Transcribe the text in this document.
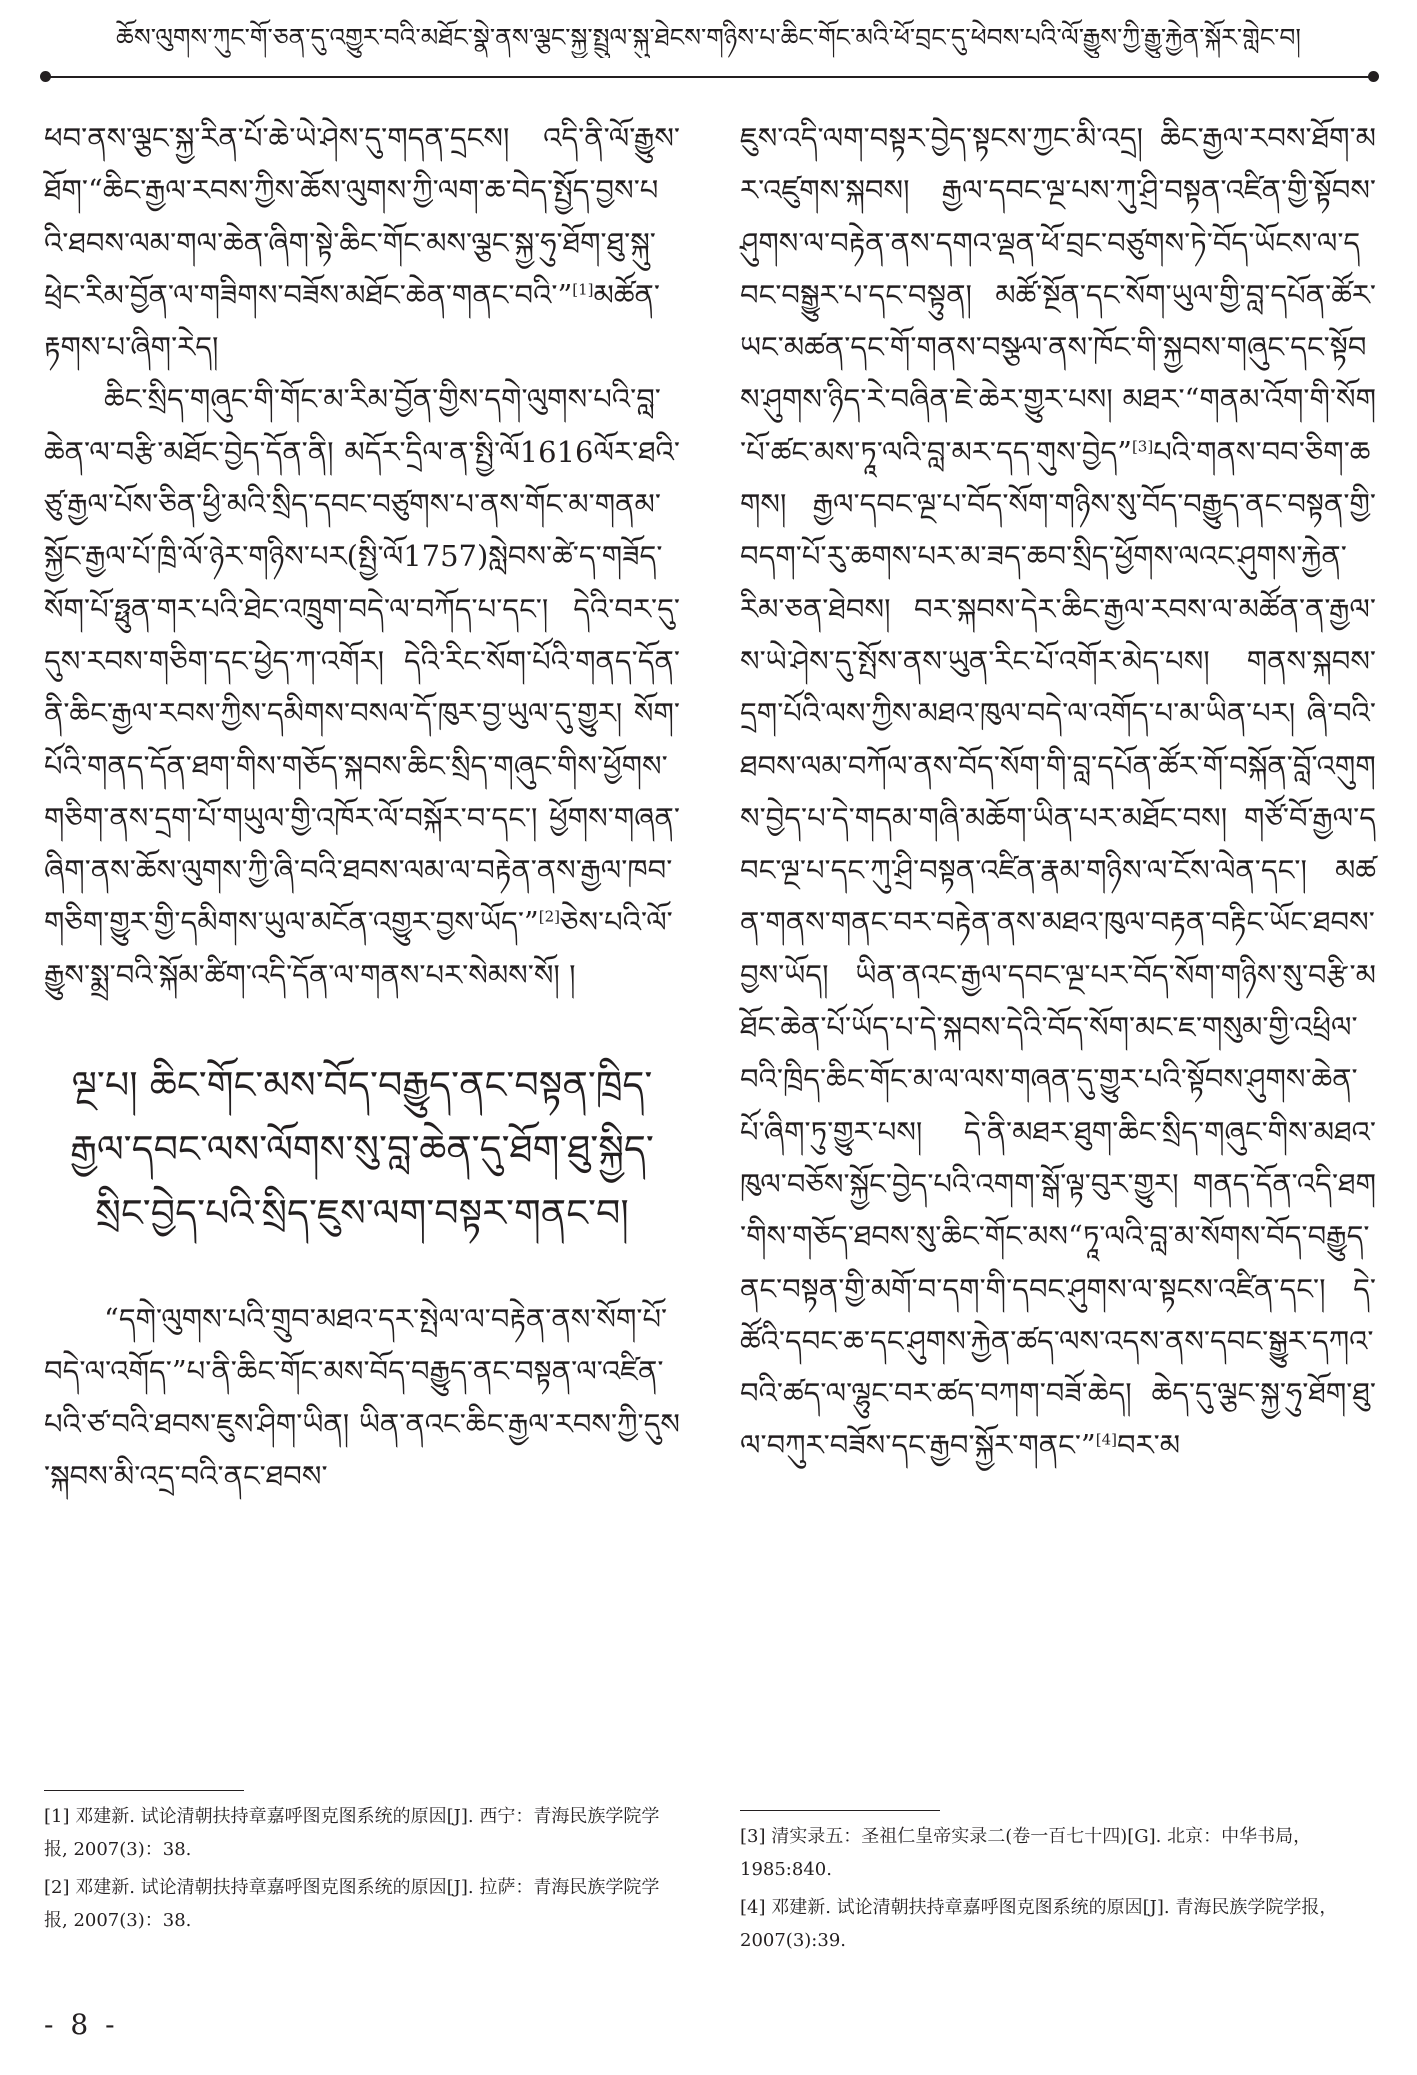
ཆོས་ལུགས་ཀུང་གོ་ཅན་དུ་འགྱུར་བའི་མཐོང་སྣེ་ནས་ལྕང་སྐྱ་སྤྲུལ་སྐུ་ཐེངས་གཉིས་པ་ཆིང་གོང་མའི་ཕོ་བྲང་དུ་ཕེབས་པའི་ལོ་རྒྱུས་ཀྱི་རྒྱུ་རྐྱེན་སྐོར་གླེང་བ།

ཕབ་ནས་ལྕང་སྐྱ་རིན་པོ་ཆེ་ཡེ་ཤེས་དུ་གདན་དྲངས། འདི་ནི་ལོ་རྒྱུས་ཐོག་“ཆིང་རྒྱལ་རབས་ཀྱིས་ཆོས་ལུགས་ཀྱི་ལག་ཆ་བེད་སྤྱོད་བྱས་པའི་ཐབས་ལམ་གལ་ཆེན་ཞིག་སྟེ་ཆིང་གོང་མས་ལྕང་སྐྱ་ཧུ་ཐོག་ཐུ་སྐུ་ཕྲེང་རིམ་བྱོན་ལ་གཟིགས་བཟོས་མཐོང་ཆེན་གནང་བའི་”[1]མཚོན་རྟགས་པ་ཞིག་རེད།

ཆིང་སྲིད་གཞུང་གི་གོང་མ་རིམ་བྱོན་གྱིས་དགེ་ལུགས་པའི་བླ་ཆེན་ལ་བརྩི་མཐོང་བྱེད་དོན་ནི། མདོར་དྲིལ་ན་སྤྱི་ལོ1616ལོར་ཐའི་ཙུ་རྒྱལ་པོས་ཅིན་ཕྱི་མའི་སྲིད་དབང་བཙུགས་པ་ནས་གོང་མ་གནམ་སྐྱོང་རྒྱལ་པོ་ཁྲི་ལོ་ཉེར་གཉིས་པར(སྤྱི་ལོ1757)སླེབས་ཚེ་ད་གཟོད་སོག་པོ་ཧྥུན་གར་པའི་ཐེང་འཁྲུག་བདེ་ལ་བཀོད་པ་དང་། དེའི་བར་དུ་དུས་རབས་གཅིག་དང་ཕྱེད་ཀ་འགོར། དེའི་རིང་སོག་པོའི་གནད་དོན་ནི་ཆིང་རྒྱལ་རབས་ཀྱིས་དམིགས་བསལ་དོ་ཁུར་བྱ་ཡུལ་དུ་གྱུར། སོག་པོའི་གནད་དོན་ཐག་གིས་གཅོད་སྐབས་ཆིང་སྲིད་གཞུང་གིས་ཕྱོགས་གཅིག་ནས་དྲག་པོ་གཡུལ་གྱི་འཁོར་ལོ་བསྐོར་བ་དང་། ཕྱོགས་གཞན་ཞིག་ནས་ཆོས་ལུགས་ཀྱི་ཞི་བའི་ཐབས་ལམ་ལ་བརྟེན་ནས་རྒྱལ་ཁབ་གཅིག་གྱུར་གྱི་དམིགས་ཡུལ་མངོན་འགྱུར་བྱས་ཡོད་”[2]ཅེས་པའི་ལོ་རྒྱུས་སྨྲ་བའི་སྐོམ་ཚིག་འདི་དོན་ལ་གནས་པར་སེམས་སོ། །

ལྔ་པ། ཆིང་གོང་མས་བོད་བརྒྱུད་ནང་བསྟན་ཁྲིད་རྒྱལ་དབང་ལས་ལོགས་སུ་བླ་ཆེན་དུ་ཐོག་ཐུ་སྐྱིད་སྲིང་བྱེད་པའི་སྲིད་ཇུས་ལག་བསྟར་གནང་བ།

“དགེ་ལུགས་པའི་གྲུབ་མཐའ་དར་སྤེལ་ལ་བརྟེན་ནས་སོག་པོ་བདེ་ལ་འགོད་”པ་ནི་ཆིང་གོང་མས་བོད་བརྒྱུད་ནང་བསྟན་ལ་འཛིན་པའི་ཙ་བའི་ཐབས་ཇུས་ཤིག་ཡིན། ཡིན་ནའང་ཆིང་རྒྱལ་རབས་ཀྱི་དུས་སྐབས་མི་འདྲ་བའི་ནང་ཐབས་

ཇུས་འདི་ལག་བསྟར་བྱེད་སྟངས་ཀྱང་མི་འདྲ། ཆིང་རྒྱལ་རབས་ཐོག་མར་འཛུགས་སྐབས། རྒྱལ་དབང་ལྔ་པས་ཀུ་ཤྲི་བསྟན་འཛིན་གྱི་སྟོབས་ཤུགས་ལ་བརྟེན་ནས་དགའ་ལྡན་ཕོ་བྲང་བཙུགས་ཏེ་བོད་ཡོངས་ལ་དབང་བསྒྱུར་པ་དང་བསྟུན། མཚོ་སྔོན་དང་སོག་ཡུལ་གྱི་བླ་དཔོན་ཚོར་ཡང་མཚན་དང་གོ་གནས་བསྩལ་ནས་ཁོང་གི་སྐྱབས་གཞུང་དང་སྟོབས་ཤུགས་ཉིད་རེ་བཞིན་ཇེ་ཆེར་གྱུར་པས། མཐར་“གནམ་འོག་གི་སོག་པོ་ཚང་མས་ཏཱ་ལའི་བླ་མར་དད་གུས་བྱེད”[3]པའི་གནས་བབ་ཅིག་ཆགས། རྒྱལ་དབང་ལྔ་པ་བོད་སོག་གཉིས་སུ་བོད་བརྒྱུད་ནང་བསྟན་གྱི་བདག་པོ་རུ་ཆགས་པར་མ་ཟད་ཆབ་སྲིད་ཕྱོགས་ལའང་ཤུགས་རྐྱེན་རིམ་ཅན་ཐེབས། བར་སྐབས་དེར་ཆིང་རྒྱལ་རབས་ལ་མཚོན་ན་རྒྱལ་ས་ཡེ་ཤེས་དུ་སྤོས་ནས་ཡུན་རིང་པོ་འགོར་མེད་པས། གནས་སྐབས་དྲག་པོའི་ལས་ཀྱིས་མཐའ་ཁུལ་བདེ་ལ་འགོད་པ་མ་ཡིན་པར། ཞི་བའི་ཐབས་ལམ་བཀོལ་ནས་བོད་སོག་གི་བླ་དཔོན་ཚོར་གོ་བསྐོན་བློ་འགུགས་བྱེད་པ་དེ་གདམ་གཞི་མཆོག་ཡིན་པར་མཐོང་བས། གཙོ་བོ་རྒྱལ་དབང་ལྔ་པ་དང་ཀུ་ཤྲི་བསྟན་འཛིན་རྣམ་གཉིས་ལ་ངོས་ལེན་དང་། མཚན་གནས་གནང་བར་བརྟེན་ནས་མཐའ་ཁུལ་བརྟན་བརྟིང་ཡོང་ཐབས་བྱས་ཡོད། ཡིན་ནའང་རྒྱལ་དབང་ལྔ་པར་བོད་སོག་གཉིས་སུ་བརྩི་མཐོང་ཆེན་པོ་ཡོད་པ་དེ་སྐབས་དེའི་བོད་སོག་མང་ཇ་གསུམ་གྱི་འཕྲིལ་བའི་ཁྲིད་ཆིང་གོང་མ་ལ་ལས་གཞན་དུ་གྱུར་པའི་སྟོབས་ཤུགས་ཆེན་པོ་ཞིག་ཏུ་གྱུར་པས། དེ་ནི་མཐར་ཐུག་ཆིང་སྲིད་གཞུང་གིས་མཐའ་ཁུལ་བཅོས་སྐྱོང་བྱེད་པའི་འགག་སྒོ་ལྟ་བུར་གྱུར། གནད་དོན་འདི་ཐག་གིས་གཅོད་ཐབས་སུ་ཆིང་གོང་མས“ཏཱ་ལའི་བླ་མ་སོགས་བོད་བརྒྱུད་ནང་བསྟན་གྱི་མགོ་བ་དག་གི་དབང་ཤུགས་ལ་སྟངས་འཛིན་དང་། དེ་ཚོའི་དབང་ཆ་དང་ཤུགས་རྐྱེན་ཚད་ལས་འདས་ནས་དབང་སྒྱུར་དཀའ་བའི་ཚད་ལ་ལྷུང་བར་ཚད་བཀག་བཟོ་ཆེད། ཆེད་དུ་ལྕང་སྐྱ་ཧུ་ཐོག་ཐུ་ལ་བཀུར་བཟོས་དང་རྒྱབ་སྐྱོར་གནང་”[4]བར་མ

[1] 邓建新. 试论清朝扶持章嘉呼图克图系统的原因[J]. 西宁：青海民族学院学报, 2007(3)：38.

[2] 邓建新. 试论清朝扶持章嘉呼图克图系统的原因[J]. 拉萨：青海民族学院学报, 2007(3)：38.

[3] 清实录五：圣祖仁皇帝实录二(卷一百七十四)[G]. 北京：中华书局，1985:840.

[4] 邓建新. 试论清朝扶持章嘉呼图克图系统的原因[J]. 青海民族学院学报，2007(3):39.

- 8 -
